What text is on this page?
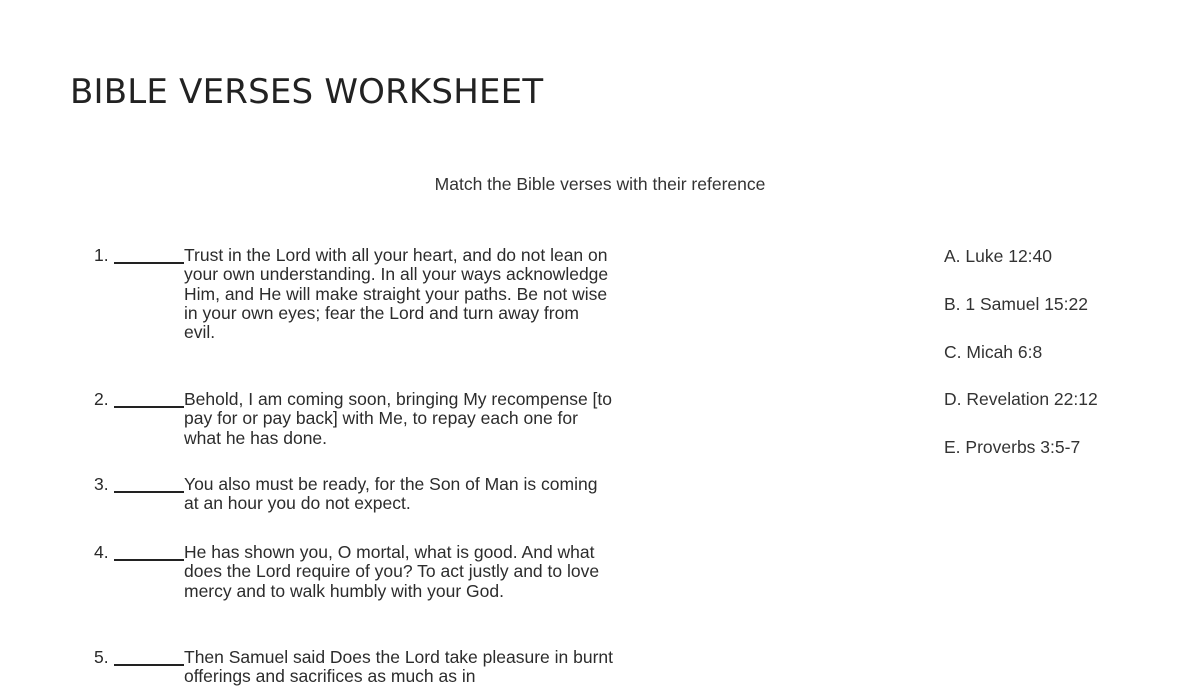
BIBLE VERSES WORKSHEET
Match the Bible verses with their reference
1.	Trust in the Lord with all your heart, and do not lean on your own understanding. In all your ways acknowledge Him, and He will make straight your paths. Be not wise in your own eyes; fear the Lord and turn away from evil.
2.	Behold, I am coming soon, bringing My recompense [to pay for or pay back] with Me, to repay each one for what he has done.
3.	You also must be ready, for the Son of Man is coming at an hour you do not expect.
4.	He has shown you, O mortal, what is good. And what does the Lord require of you? To act justly and to love mercy and to walk humbly with your God.
5.	Then Samuel said Does the Lord take pleasure in burnt offerings and sacrifices as much as in
A. Luke 12:40
B. 1 Samuel 15:22
C. Micah 6:8
D. Revelation 22:12
E. Proverbs 3:5-7
